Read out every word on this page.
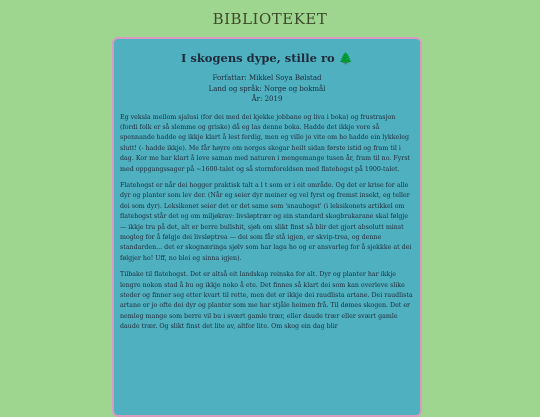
BIBLIOTEKET
I skogens dype, stille ro 🌲
Forfattar: Mikkel Soya Bølstad
Land og språk: Norge og bokmål
År: 2019

Eg veksla mellom sjalusi (for dei med dei kjekke jobbane og liva i boka) og frustrasjon (fordi folk er så slemme og griske) då eg las denne boka. Hadde det ikkje vore så spennande hadde eg ikkje klart å lest ferdig, men eg ville jo vite om ho hadde ein lykkeleg slutt! (- hadde ikkje). Me får høyre om norges skogar heilt sidan første istid og fram til i dag. Kor me har klart å leve saman med naturen i mengemange tusen år, fram til no. Fyrst med oppgangssager på ~1600-talet og så stormforeldsen med flatehogst på 1900-talet.

Flatehogst er når dei hogger praktisk talt a l t som er i eit område. Og det er krise for alle dyr og planter som lev der. (Når eg seier dyr meiner eg vel fyrst og fremst insekt, eg teller dei som dyr). Leksikonet seier det er det same som 'snauhogst' (i leksikonets artikkel om flatehogst står det og om miljøkrav: livsløptrær og ein standard skogbrukarane skal følgje — ikkje tru på det, alt er berre bullshit, sjøh om slikt finst så blir det gjort absolutt minst mogleg for å følgje dei livsløptrea — dei som får stå igjen, er skvip-trea, og denne standarden... det er skognæringa sjølv som har laga ho og er ansvarleg for å sjekkke at dei følgjer ho! Uff, no blei eg sinna igjen).

Tilbake til flatehogst. Det er altså eit landskap reinska for alt. Dyr og planter har ikkje lengre nokon stad å bu og ikkje noko å ete. Det finnes så klart dei som kan overleve slike steder og finner seg etter kvart til rette, men det er ikkje dei raudlista artane. Dei raudlista artane er jo ofte dei dyr og planter som me har stjåle heimen frå. Til dømes skogen. Det er nemleg mange som berre vil bu i svært gamle trær, eller daude trær eller svært gamle daude trær. Og slikt finst det lite av, altfor lite. Om skog ein dag blir
